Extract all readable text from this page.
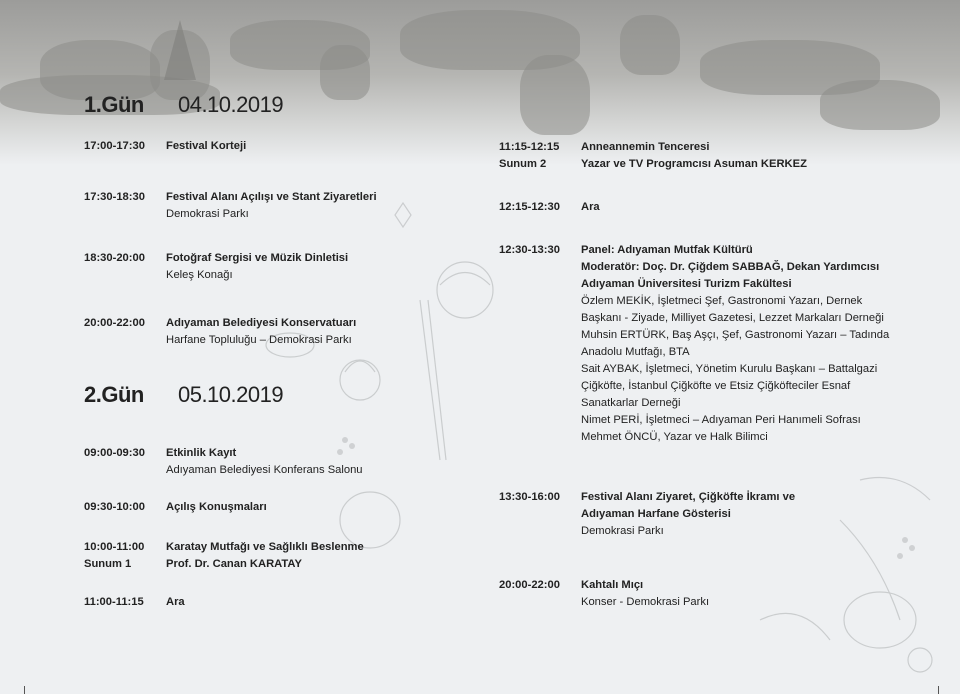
1.Gün 04.10.2019
17:00-17:30 Festival Korteji
17:30-18:30 Festival Alanı Açılışı ve Stant Ziyaretleri
Demokrasi Parkı
18:30-20:00 Fotoğraf Sergisi ve Müzik Dinletisi
Keleş Konağı
20:00-22:00 Adıyaman Belediyesi Konservatuarı
Harfane Topluluğu – Demokrasi Parkı
2.Gün 05.10.2019
09:00-09:30 Etkinlik Kayıt
Adıyaman Belediyesi Konferans Salonu
09:30-10:00 Açılış Konuşmaları
10:00-11:00
Sunum 1
Karatay Mutfağı ve Sağlıklı Beslenme
Prof. Dr. Canan KARATAY
11:00-11:15 Ara
11:15-12:15
Sunum 2
Anneannemin Tenceresi
Yazar ve TV Programcısı Asuman KERKEZ
12:15-12:30 Ara
12:30-13:30 Panel: Adıyaman Mutfak Kültürü
Moderatör: Doç. Dr. Çiğdem SABBAĞ, Dekan Yardımcısı
Adıyaman Üniversitesi Turizm Fakültesi
Özlem MEKİK, İşletmeci Şef, Gastronomi Yazarı, Dernek
Başkanı - Ziyade, Milliyet Gazetesi, Lezzet Markaları Derneği
Muhsin ERTÜRK, Baş Aşçı, Şef, Gastronomi Yazarı – Tadında
Anadolu Mutfağı, BTA
Sait AYBAK, İşletmeci, Yönetim Kurulu Başkanı – Battalgazi
Çiğköfte, İstanbul Çiğköfte ve Etsiz Çiğköfteciler Esnaf
Sanatkarlar Derneği
Nimet PERİ, İşletmeci – Adıyaman Peri Hanımeli Sofrası
Mehmet ÖNCÜ, Yazar ve Halk Bilimci
13:30-16:00 Festival Alanı Ziyaret, Çiğköfte İkramı ve
Adıyaman Harfane Gösterisi
Demokrasi Parkı
20:00-22:00 Kahtalı Mıçı
Konser - Demokrasi Parkı
